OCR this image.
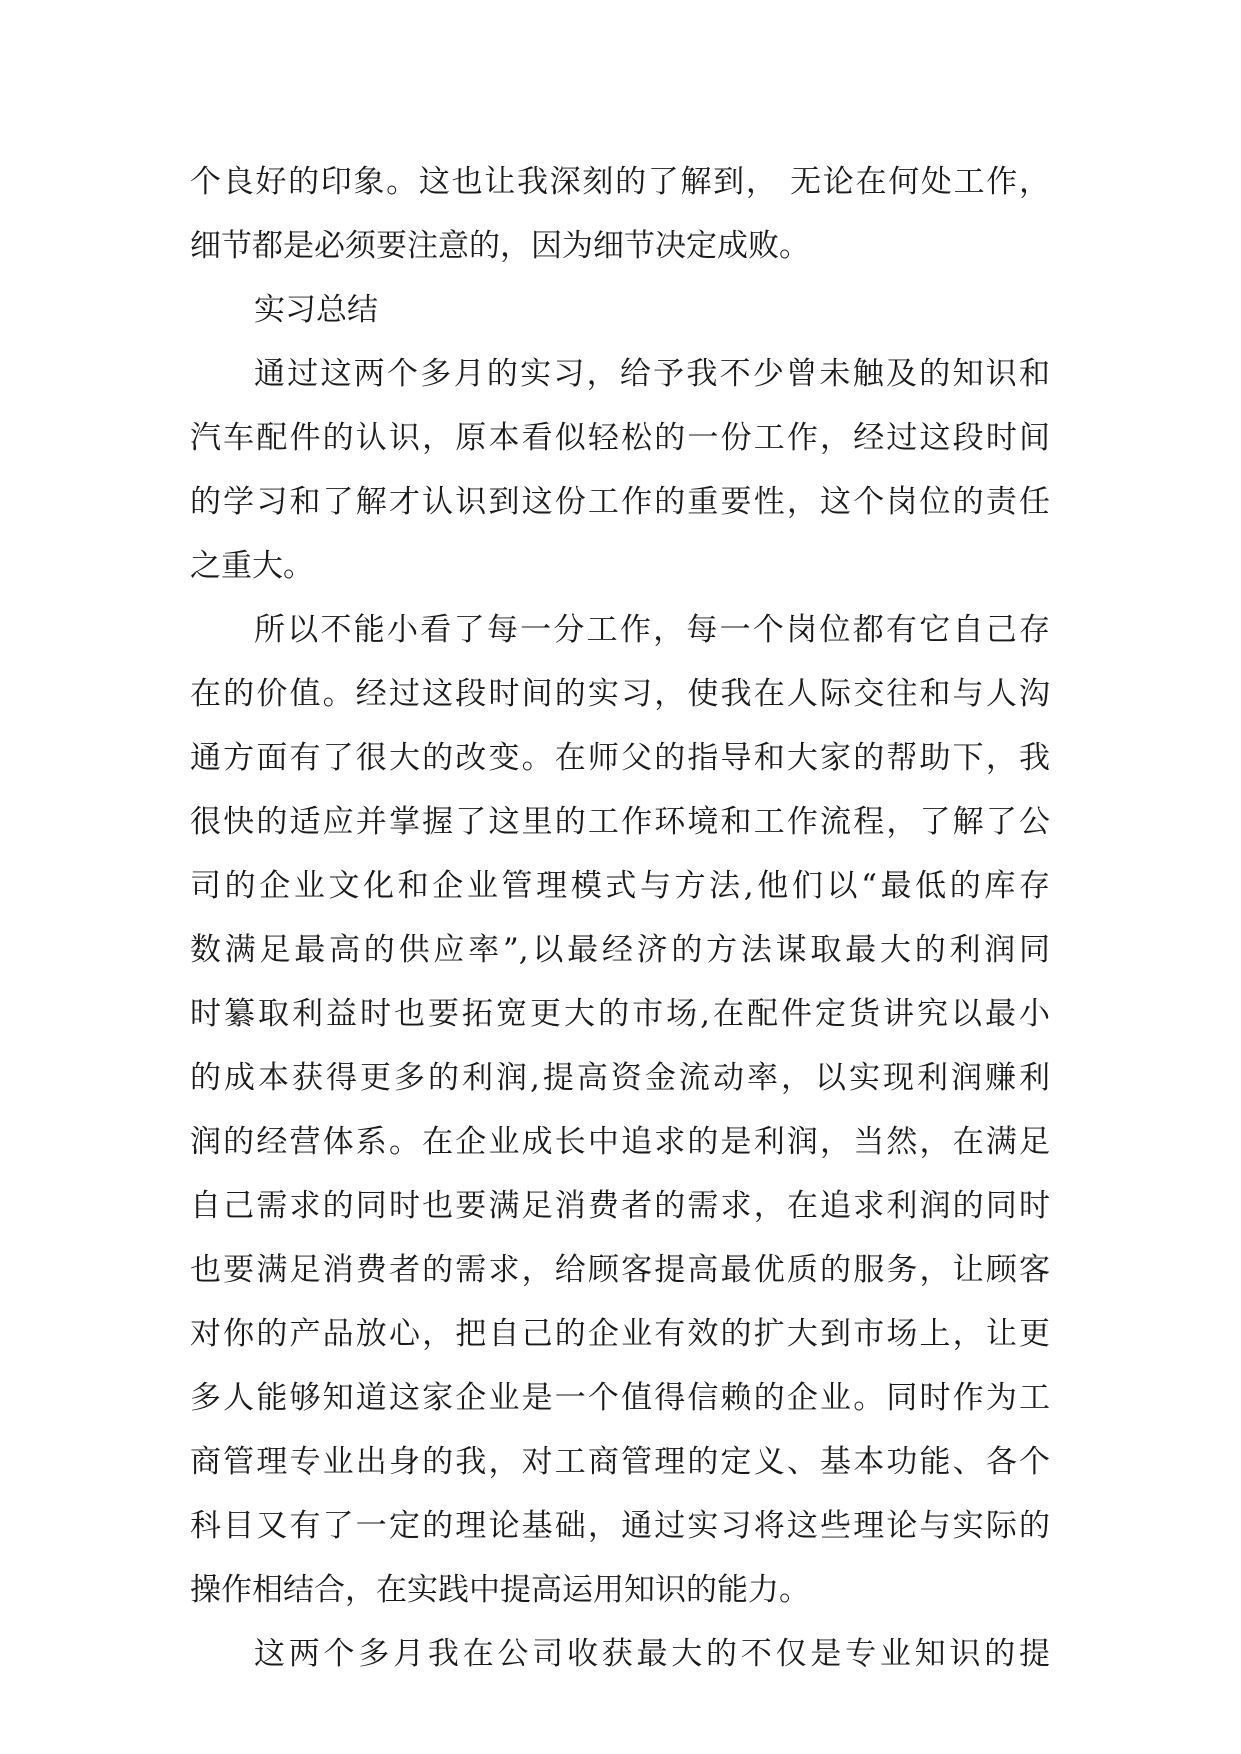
个良好的印象。这也让我深刻的了解到， 无论在何处工作，
细节都是必须要注意的，因为细节决定成败。
实习总结
通过这两个多月的实习，给予我不少曾未触及的知识和
汽车配件的认识，原本看似轻松的一份工作，经过这段时间
的学习和了解才认识到这份工作的重要性，这个岗位的责任
之重大。
所以不能小看了每一分工作，每一个岗位都有它自己存
在的价值。经过这段时间的实习，使我在人际交往和与人沟
通方面有了很大的改变。在师父的指导和大家的帮助下，我
很快的适应并掌握了这里的工作环境和工作流程，了解了公
司的企业文化和企业管理模式与方法,他们以“最低的库存
数满足最高的供应率”,以最经济的方法谋取最大的利润同
时纂取利益时也要拓宽更大的市场,在配件定货讲究以最小
的成本获得更多的利润,提高资金流动率，以实现利润赚利
润的经营体系。在企业成长中追求的是利润，当然，在满足
自己需求的同时也要满足消费者的需求，在追求利润的同时
也要满足消费者的需求，给顾客提高最优质的服务，让顾客
对你的产品放心，把自己的企业有效的扩大到市场上，让更
多人能够知道这家企业是一个值得信赖的企业。同时作为工
商管理专业出身的我，对工商管理的定义、基本功能、各个
科目又有了一定的理论基础，通过实习将这些理论与实际的
操作相结合，在实践中提高运用知识的能力。
这两个多月我在公司收获最大的不仅是专业知识的提
